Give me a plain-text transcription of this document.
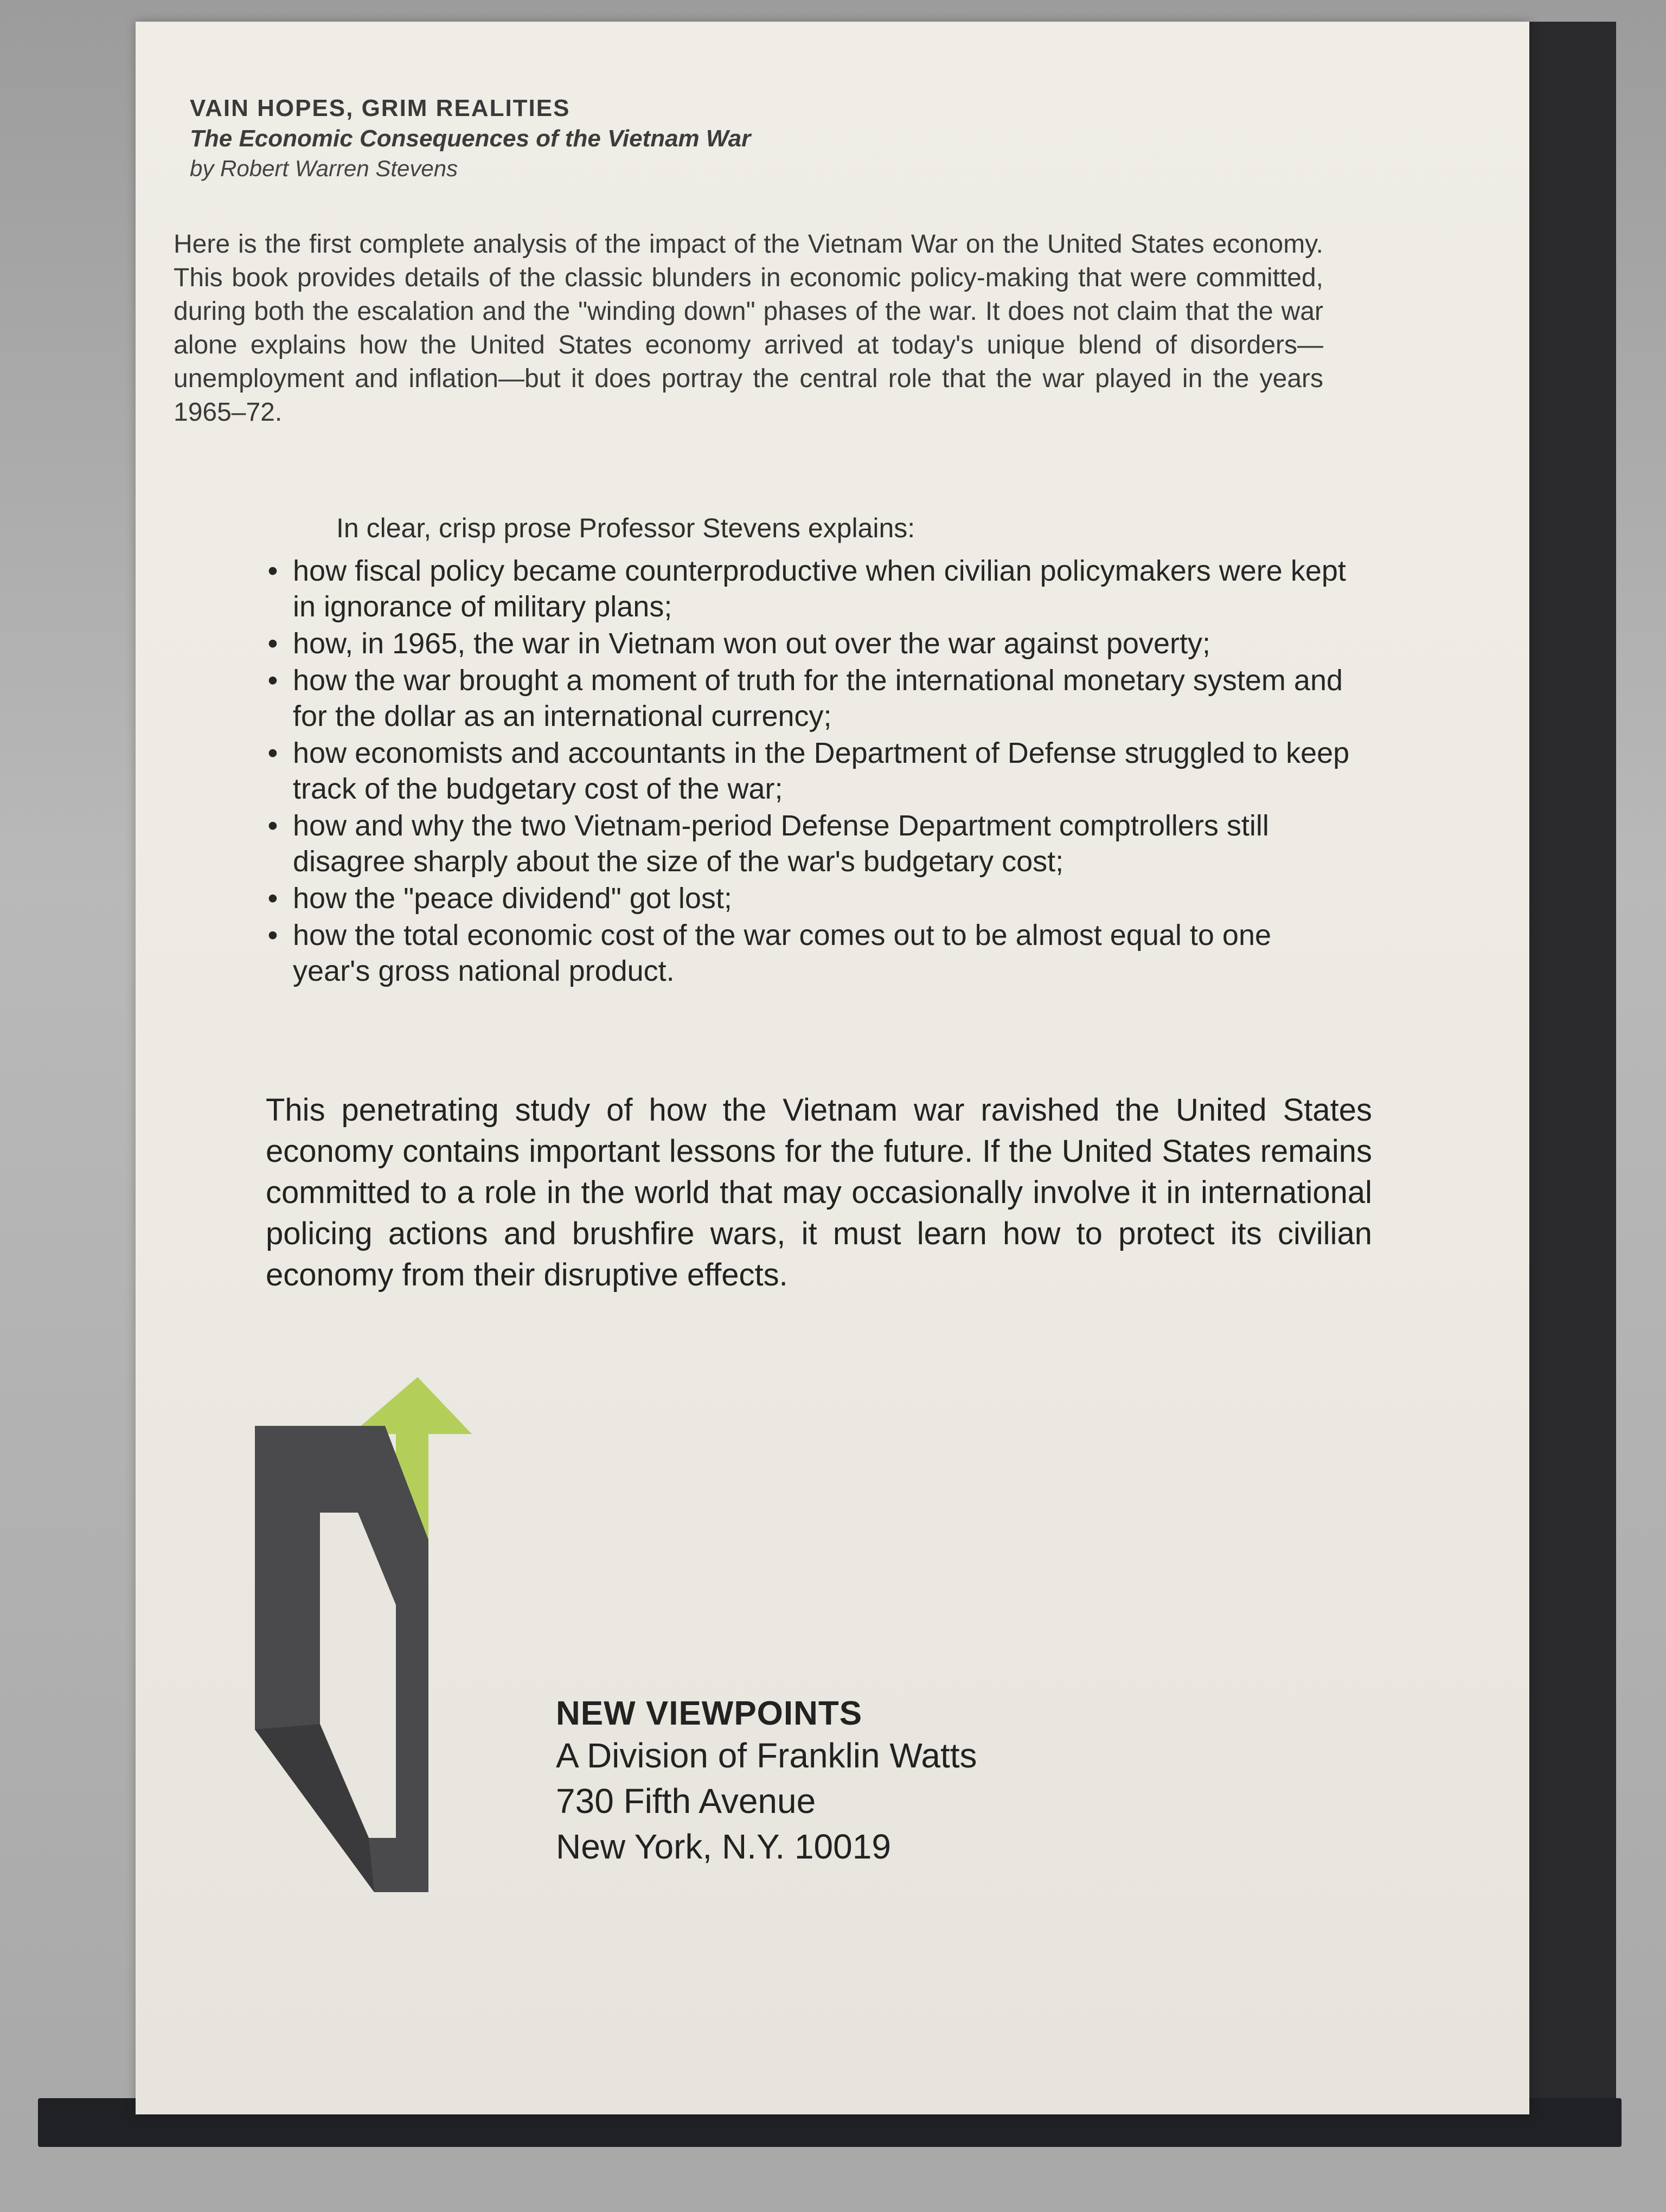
VAIN HOPES, GRIM REALITIES

The Economic Consequences of the Vietnam War

by Robert Warren Stevens

Here is the first complete analysis of the impact of the Vietnam War on the United States economy. This book provides details of the classic blunders in economic policy-making that were committed, during both the escalation and the "winding down" phases of the war. It does not claim that the war alone explains how the United States economy arrived at today's unique blend of disorders—unemployment and inflation—but it does portray the central role that the war played in the years 1965–72.

In clear, crisp prose Professor Stevens explains:

• how fiscal policy became counterproductive when civilian policymakers were kept in ignorance of military plans;
• how, in 1965, the war in Vietnam won out over the war against poverty;
• how the war brought a moment of truth for the international monetary system and for the dollar as an international currency;
• how economists and accountants in the Department of Defense struggled to keep track of the budgetary cost of the war;
• how and why the two Vietnam-period Defense Department comptrollers still disagree sharply about the size of the war's budgetary cost;
• how the "peace dividend" got lost;
• how the total economic cost of the war comes out to be almost equal to one year's gross national product.

This penetrating study of how the Vietnam war ravished the United States economy contains important lessons for the future. If the United States remains committed to a role in the world that may occasionally involve it in international policing actions and brushfire wars, it must learn how to protect its civilian economy from their disruptive effects.

NEW VIEWPOINTS

A Division of Franklin Watts

730 Fifth Avenue

New York, N.Y. 10019
